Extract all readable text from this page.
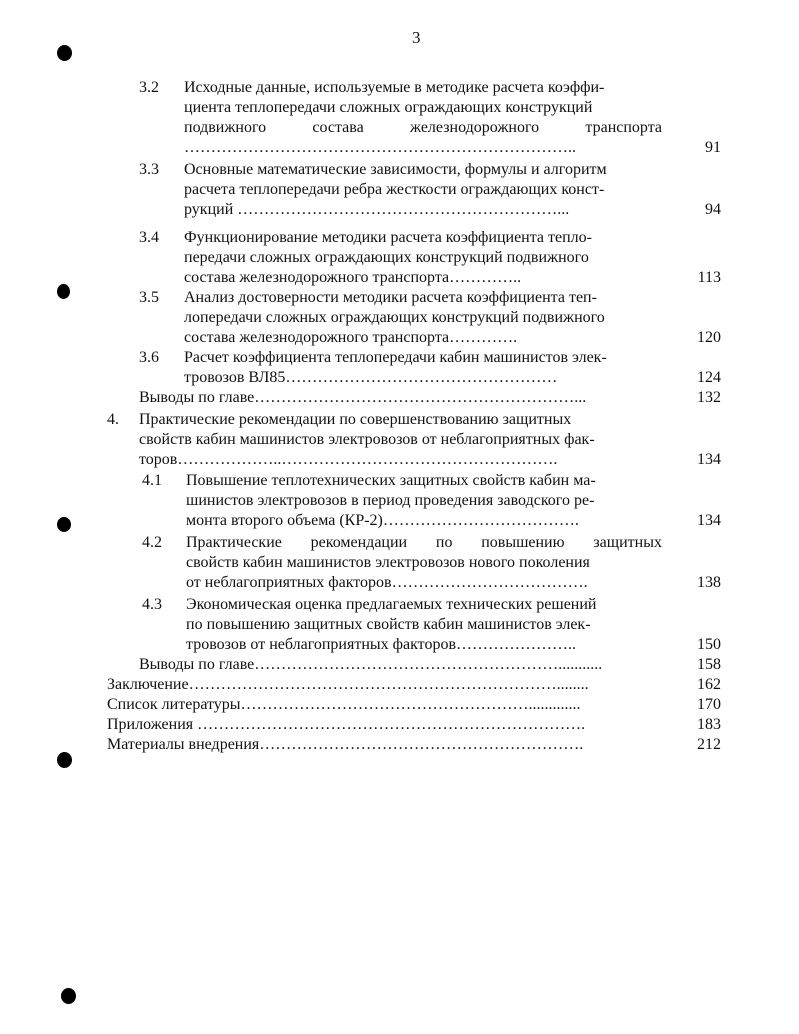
3
3.2 Исходные данные, используемые в методике расчета коэффи-
циента теплопередачи сложных ограждающих конструкций
подвижного	состава	железнодорожного	транспорта
………………………………………………………………..	91
3.3 Основные математические зависимости, формулы и алгоритм
расчета теплопередачи ребра жесткости ограждающих конст-
рукций ……………………………………………………...	94
3.4 Функционирование методики расчета коэффициента тепло-
передачи сложных ограждающих конструкций подвижного
состава железнодорожного транспорта…………..	113
3.5 Анализ достоверности методики расчета коэффициента теп-
лопередачи сложных ограждающих конструкций подвижного
состава железнодорожного транспорта………….	120
3.6 Расчет коэффициента теплопередачи кабин машинистов элек-
тровозов ВЛ85……………………………………………	124
Выводы по главе……………………………………………………...	132
4. Практические рекомендации по совершенствованию защитных
свойств кабин машинистов электровозов от неблагоприятных фак-
торов………………..…………………………………………….	134
4.1 Повышение теплотехнических защитных свойств кабин ма-
шинистов электровозов в период проведения заводского ре-
монта второго объема (КР-2)……………………………….	134
4.2 Практические рекомендации по повышению защитных
свойств кабин машинистов электровозов нового поколения
от неблагоприятных факторов……………………………….	138
4.3 Экономическая оценка предлагаемых технических решений
по повышению защитных свойств кабин машинистов элек-
тровозов от неблагоприятных факторов…………………..	150
Выводы по главе…………………………………………………...........	158
Заключение……………………………………………………………........	162
Список литературы……………………………………………….............	170
Приложения ……………………………………………………………….	183
Материалы внедрения…………………………………………………….	212
